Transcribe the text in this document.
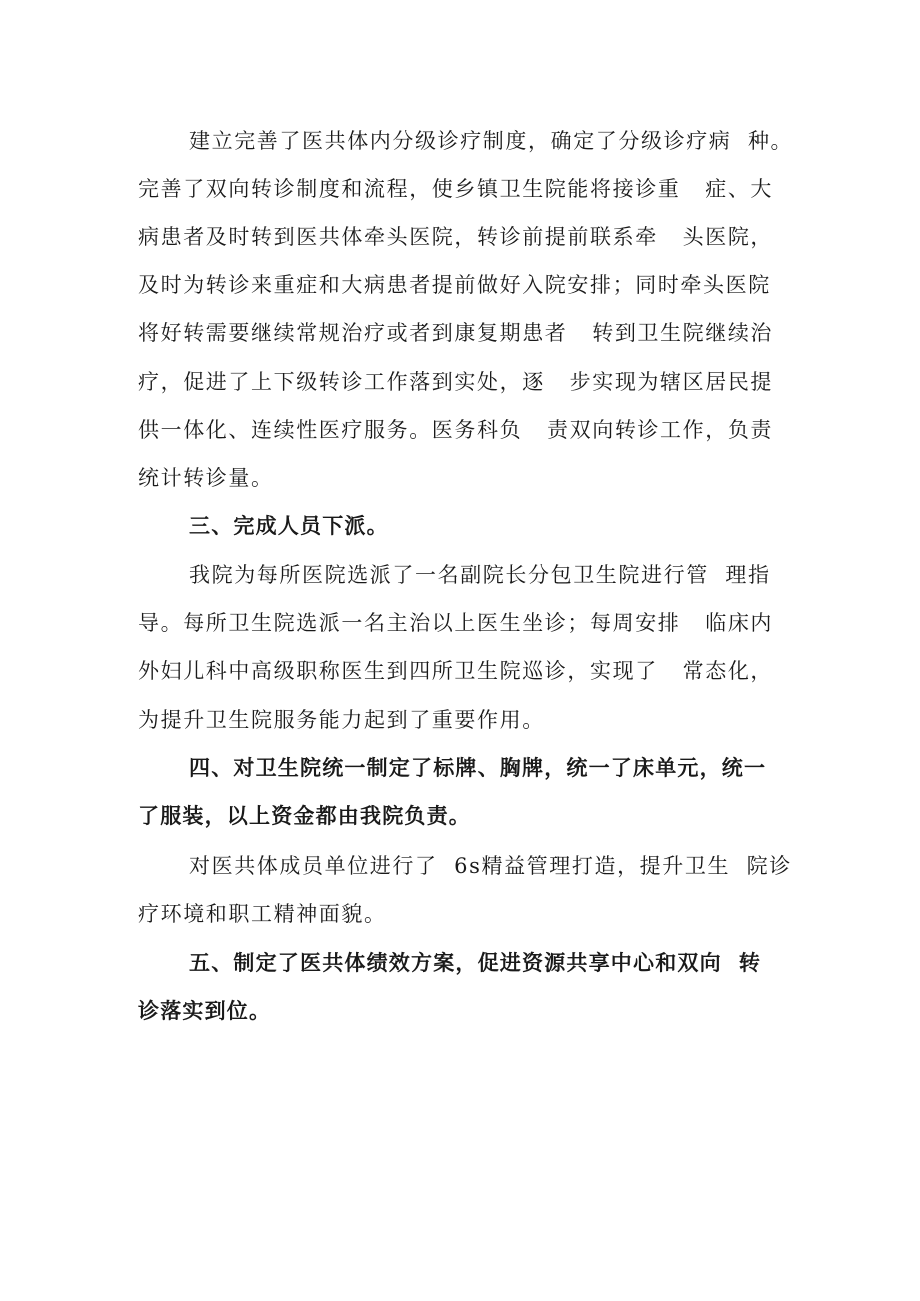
建立完善了医共体内分级诊疗制度，确定了分级诊疗病  种。
完善了双向转诊制度和流程，使乡镇卫生院能将接诊重   症、大
病患者及时转到医共体牵头医院，转诊前提前联系牵   头医院，
及时为转诊来重症和大病患者提前做好入院安排；同时牵头医院
将好转需要继续常规治疗或者到康复期患者   转到卫生院继续治
疗，促进了上下级转诊工作落到实处，逐   步实现为辖区居民提
供一体化、连续性医疗服务。医务科负   责双向转诊工作，负责
统计转诊量。
三、完成人员下派。
我院为每所医院选派了一名副院长分包卫生院进行管  理指
导。每所卫生院选派一名主治以上医生坐诊；每周安排   临床内
外妇儿科中高级职称医生到四所卫生院巡诊，实现了   常态化，
为提升卫生院服务能力起到了重要作用。
四、对卫生院统一制定了标牌、胸牌，统一了床单元，统一
了服装，以上资金都由我院负责。
对医共体成员单位进行了  6s精益管理打造，提升卫生  院诊
疗环境和职工精神面貌。
五、制定了医共体绩效方案，促进资源共享中心和双向  转
诊落实到位。
